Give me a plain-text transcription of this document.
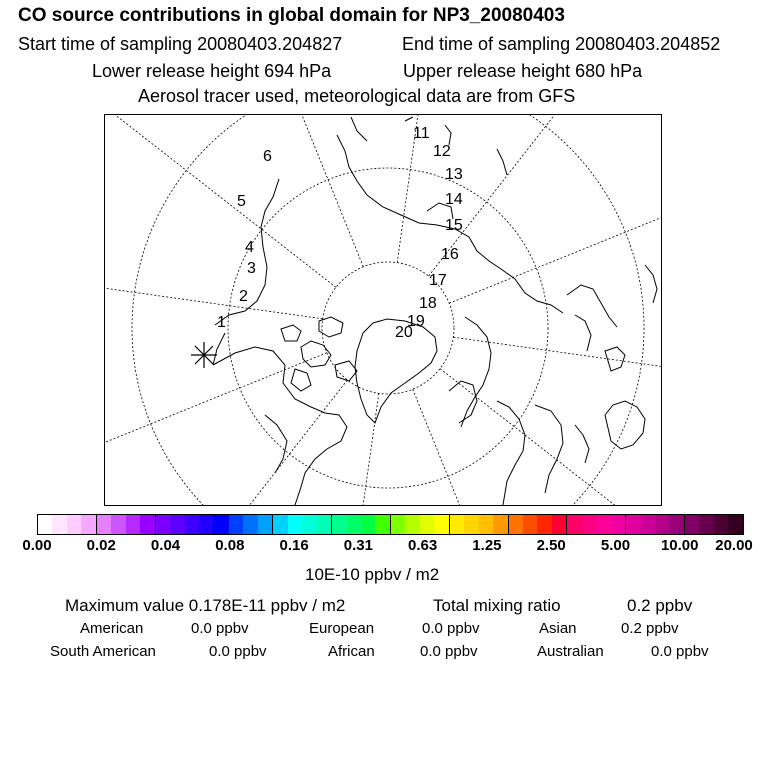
CO source contributions in global domain for NP3_20080403
Start time of sampling 20080403.204827	End time of sampling 20080403.204852
Lower release height 694 hPa	Upper release height 680 hPa
Aerosol tracer used, meteorological data are from GFS
1
2
3
4
5
6
11
12
13
14
15
16
17
18
19
20
0.00 0.02 0.04 0.08 0.16 0.31 0.63 1.25 2.50 5.00 10.00 20.00
10E-10 ppbv / m2
Maximum value 0.178E-11 ppbv / m2	Total mixing ratio	0.2 ppbv
American	0.0 ppbv	European	0.0 ppbv	Asian	0.2 ppbv
South American	0.0 ppbv	African	0.0 ppbv	Australian	0.0 ppbv
